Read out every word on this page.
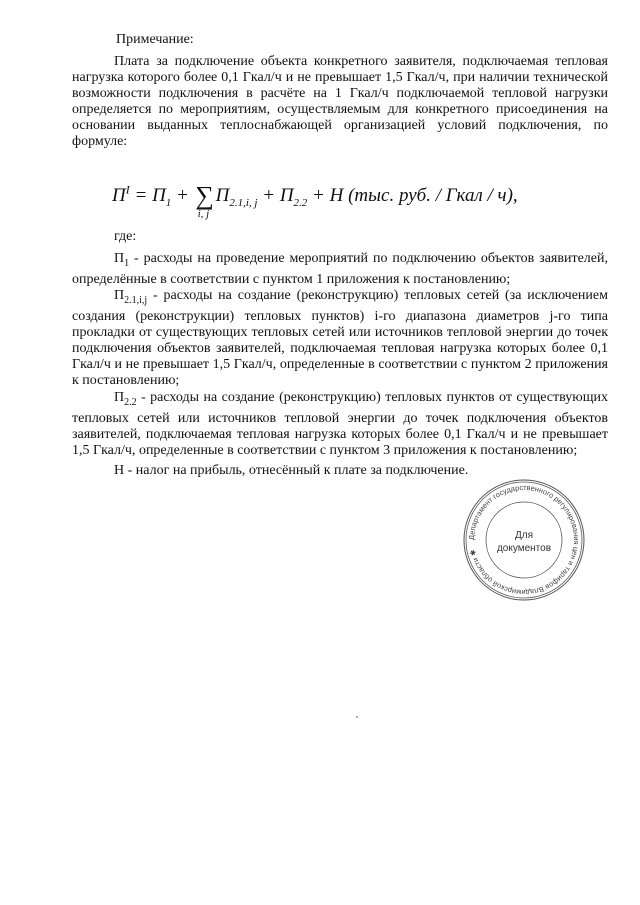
Примечание:

Плата за подключение объекта конкретного заявителя, подключаемая тепловая нагрузка которого более 0,1 Гкал/ч и не превышает 1,5 Гкал/ч, при наличии технической возможности подключения в расчёте на 1 Гкал/ч подключаемой тепловой нагрузки определяется по мероприятиям, осуществляемым для конкретного присоединения на основании выданных теплоснабжающей организацией условий подключения, по формуле:

$П^I = П_1$ + ∑
i, j
$П_{2.1,i, j} + П_{2.2} + Н$ (тыс. руб. / Гкал / ч),
где:

$П_1$ - расходы на проведение мероприятий по подключению объектов заявителей, определённые в соответствии с пунктом 1 приложения к постановлению;

$П_{2.1,i,j}$ - расходы на создание (реконструкцию) тепловых сетей (за исключением создания (реконструкции) тепловых пунктов) i-го диапазона диаметров j-го типа прокладки от существующих тепловых сетей или источников тепловой энергии до точек подключения объектов заявителей, подключаемая тепловая нагрузка которых более 0,1 Гкал/ч и не превышает 1,5 Гкал/ч, определенные в соответствии с пунктом 2 приложения к постановлению;

$П_{2.2}$ - расходы на создание (реконструкцию) тепловых пунктов от существующих тепловых сетей или источников тепловой энергии до точек подключения объектов заявителей, подключаемая тепловая нагрузка которых более 0,1 Гкал/ч и не превышает 1,5 Гкал/ч, определенные в соответствии с пунктом 3 приложения к постановлению;

Н - налог на прибыль, отнесённый к плате за подключение.

Департамент государственного регулирования цен и тарифов Владимирской области ✱
Для
документов
